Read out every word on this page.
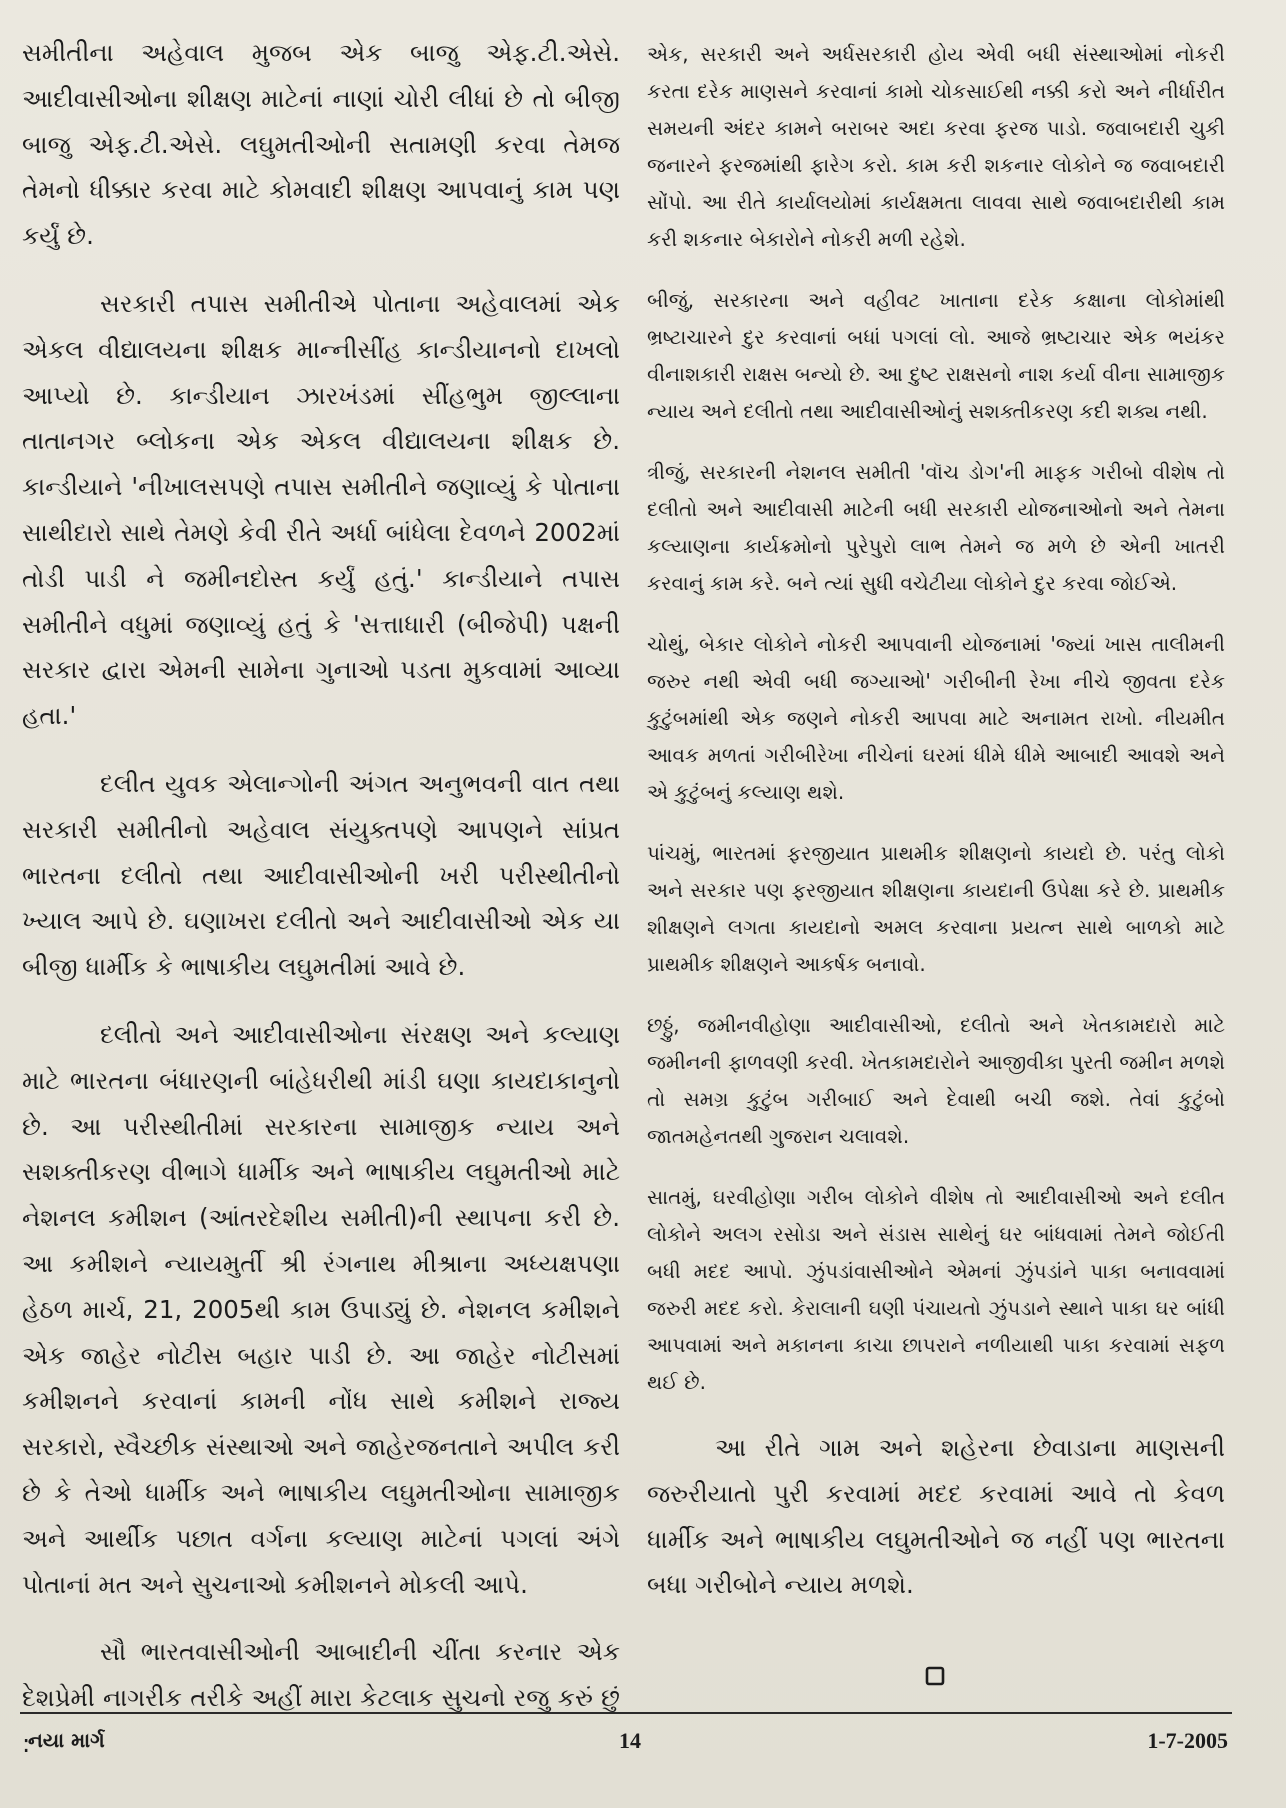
સમીતીના અહેવાલ મુજબ એક બાજુ એફ.ટી.એસે. આદીવાસીઓના શીક્ષણ માટેનાં નાણાં ચોરી લીધાં છે તો બીજી બાજુ એફ.ટી.એસે. લઘુમતીઓની સતામણી કરવા તેમજ તેમનો ધીક્કાર કરવા માટે કોમવાદી શીક્ષણ આપવાનું કામ પણ કર્યું છે.

સરકારી તપાસ સમીતીએ પોતાના અહેવાલમાં એક એકલ વીદ્યાલયના શીક્ષક માન્નીસીંહ કાન્ડીયાનનો દાખલો આપ્યો છે. કાન્ડીયાન ઝારખંડમાં સીંહભુમ જીલ્લાના તાતાનગર બ્લોકના એક એકલ વીદ્યાલયના શીક્ષક છે. કાન્ડીયાને 'નીખાલસપણે તપાસ સમીતીને જણાવ્યું કે પોતાના સાથીદારો સાથે તેમણે કેવી રીતે અર્ધા બાંધેલા દેવળને 2002માં તોડી પાડી ને જમીનદોસ્ત કર્યું હતું.' કાન્ડીયાને તપાસ સમીતીને વધુમાં જણાવ્યું હતું કે 'સત્તાધારી (બીજેપી) પક્ષની સરકાર દ્વારા એમની સામેના ગુનાઓ પડતા મુકવામાં આવ્યા હતા.'

દલીત યુવક એલાન્ગોની અંગત અનુભવની વાત તથા સરકારી સમીતીનો અહેવાલ સંયુક્તપણે આપણને સાંપ્રત ભારતના દલીતો તથા આદીવાસીઓની ખરી પરીસ્થીતીનો ખ્યાલ આપે છે. ઘણાખરા દલીતો અને આદીવાસીઓ એક યા બીજી ધાર્મીક કે ભાષાકીય લઘુમતીમાં આવે છે.

દલીતો અને આદીવાસીઓના સંરક્ષણ અને કલ્યાણ માટે ભારતના બંધારણની બાંહેધરીથી માંડી ઘણા કાયદાકાનુનો છે. આ પરીસ્થીતીમાં સરકારના સામાજીક ન્યાય અને સશક્તીકરણ વીભાગે ધાર્મીક અને ભાષાકીય લઘુમતીઓ માટે નેશનલ કમીશન (આંતરદેશીય સમીતી)ની સ્થાપના કરી છે. આ કમીશને ન્યાયમુર્તી શ્રી રંગનાથ મીશ્રાના અધ્યક્ષપણા હેઠળ માર્ચ, 21, 2005થી કામ ઉપાડ્યું છે. નેશનલ કમીશને એક જાહેર નોટીસ બહાર પાડી છે. આ જાહેર નોટીસમાં કમીશનને કરવાનાં કામની નોંધ સાથે કમીશને રાજ્ય સરકારો, સ્વૈચ્છીક સંસ્થાઓ અને જાહેરજનતાને અપીલ કરી છે કે તેઓ ધાર્મીક અને ભાષાકીય લઘુમતીઓના સામાજીક અને આર્થીક પછાત વર્ગના કલ્યાણ માટેનાં પગલાં અંગે પોતાનાં મત અને સુચનાઓ કમીશનને મોકલી આપે.

સૌ ભારતવાસીઓની આબાદીની ચીંતા કરનાર એક દેશપ્રેમી નાગરીક તરીકે અહીં મારા કેટલાક સુચનો રજુ કરું છું :

એક, સરકારી અને અર્ધસરકારી હોય એવી બધી સંસ્થાઓમાં નોકરી કરતા દરેક માણસને કરવાનાં કામો ચોકસાઈથી નક્કી કરો અને નીર્ધારીત સમયની અંદર કામને બરાબર અદા કરવા ફરજ પાડો. જવાબદારી ચુકી જનારને ફરજમાંથી ફારેગ કરો. કામ કરી શકનાર લોકોને જ જવાબદારી સોંપો. આ રીતે કાર્યાલયોમાં કાર્યક્ષમતા લાવવા સાથે જવાબદારીથી કામ કરી શકનાર બેકારોને નોકરી મળી રહેશે.

બીજું, સરકારના અને વહીવટ ખાતાના દરેક કક્ષાના લોકોમાંથી ભ્રષ્ટાચારને દુર કરવાનાં બધાં પગલાં લો. આજે ભ્રષ્ટાચાર એક ભયંકર વીનાશકારી રાક્ષસ બન્યો છે. આ દુષ્ટ રાક્ષસનો નાશ કર્યા વીના સામાજીક ન્યાય અને દલીતો તથા આદીવાસીઓનું સશક્તીકરણ કદી શક્ય નથી.

ત્રીજું, સરકારની નેશનલ સમીતી 'વૉચ ડોગ'ની માફક ગરીબો વીશેષ તો દલીતો અને આદીવાસી માટેની બધી સરકારી યોજનાઓનો અને તેમના કલ્યાણના કાર્યક્રમોનો પુરેપુરો લાભ તેમને જ મળે છે એની ખાતરી કરવાનું કામ કરે. બને ત્યાં સુધી વચેટીયા લોકોને દુર કરવા જોઈએ.

ચોથું, બેકાર લોકોને નોકરી આપવાની યોજનામાં 'જ્યાં ખાસ તાલીમની જરુર નથી એવી બધી જગ્યાઓ' ગરીબીની રેખા નીચે જીવતા દરેક કુટુંબમાંથી એક જણને નોકરી આપવા માટે અનામત રાખો. નીયમીત આવક મળતાં ગરીબીરેખા નીચેનાં ઘરમાં ધીમે ધીમે આબાદી આવશે અને એ કુટુંબનું કલ્યાણ થશે.

પાંચમું, ભારતમાં ફરજીયાત પ્રાથમીક શીક્ષણનો કાયદો છે. પરંતુ લોકો અને સરકાર પણ ફરજીયાત શીક્ષણના કાયદાની ઉપેક્ષા કરે છે. પ્રાથમીક શીક્ષણને લગતા કાયદાનો અમલ કરવાના પ્રયત્ન સાથે બાળકો માટે પ્રાથમીક શીક્ષણને આકર્ષક બનાવો.

છઠ્ઠું, જમીનવીહોણા આદીવાસીઓ, દલીતો અને ખેતકામદારો માટે જમીનની ફાળવણી કરવી. ખેતકામદારોને આજીવીકા પુરતી જમીન મળશે તો સમગ્ર કુટુંબ ગરીબાઈ અને દેવાથી બચી જશે. તેવાં કુટુંબો જાતમહેનતથી ગુજરાન ચલાવશે.

સાતમું, ઘરવીહોણા ગરીબ લોકોને વીશેષ તો આદીવાસીઓ અને દલીત લોકોને અલગ રસોડા અને સંડાસ સાથેનું ઘર બાંધવામાં તેમને જોઈતી બધી મદદ આપો. ઝુંપડાંવાસીઓને એમનાં ઝુંપડાંને પાકા બનાવવામાં જરુરી મદદ કરો. કેરાલાની ઘણી પંચાયતો ઝુંપડાને સ્થાને પાકા ઘર બાંધી આપવામાં અને મકાનના કાચા છાપરાને નળીયાથી પાકા કરવામાં સફળ થઈ છે.

આ રીતે ગામ અને શહેરના છેવાડાના માણસની જરુરીયાતો પુરી કરવામાં મદદ કરવામાં આવે તો કેવળ ધાર્મીક અને ભાષાકીય લઘુમતીઓને જ નહીં પણ ભારતના બધા ગરીબોને ન્યાય મળશે.

નયા માર્ગ	14	1-7-2005
